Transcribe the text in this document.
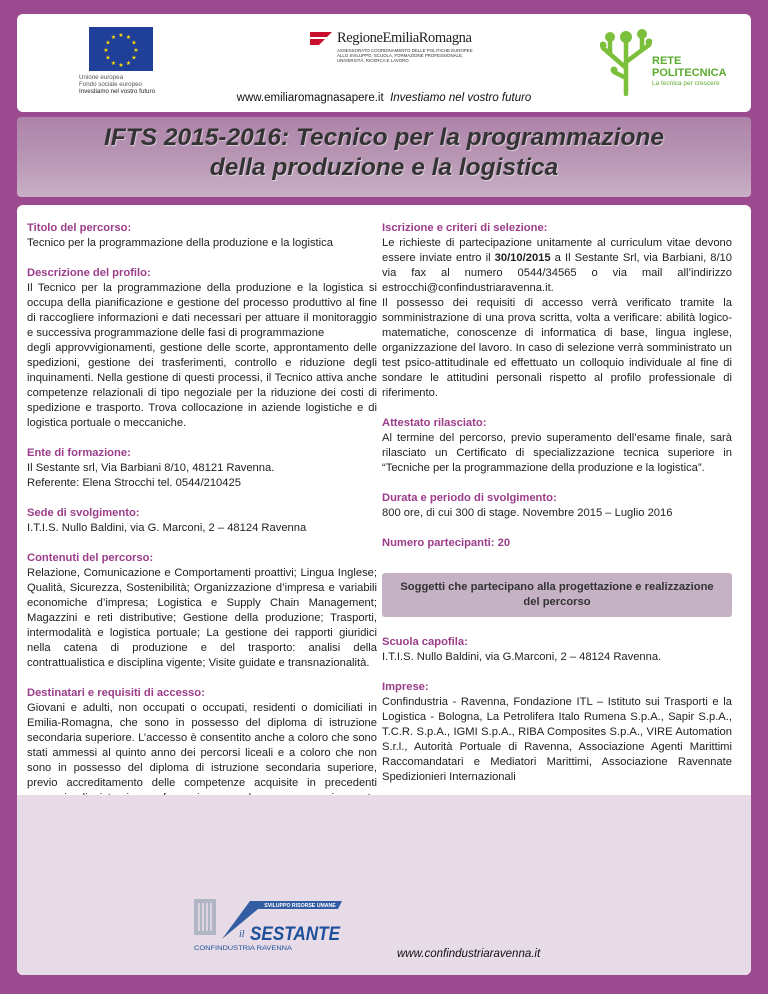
★ ★
★
★
★
★
★
★
★
★
★
★
Unione europea
Fondo sociale europeo
Investiamo nel vostro futuro
RegioneEmiliaRomagna
ASSESSORATO COORDINAMENTO DELLE POLITICHE EUROPEE
ALLO SVILUPPO, SCUOLA, FORMAZIONE PROFESSIONALE,
UNIVERSITÀ, RICERCA E LAVORO	RETE
POLITECNICA
La tecnica per crescere
www.emiliaromagnasapere.it Investiamo nel vostro futuro
IFTS 2015-2016: Tecnico per la programmazione
della produzione e la logistica
Titolo del percorso:
Tecnico per la programmazione della produzione e la logistica
Descrizione del profilo:
Il Tecnico per la programmazione della produzione e la logistica si occupa della pianificazione e gestione del processo produttivo al fine di raccogliere informazioni e dati necessari per attuare il monitoraggio e successiva programmazione delle fasi di programmazione
degli approvvigionamenti, gestione delle scorte, approntamento delle spedizioni, gestione dei trasferimenti, controllo e riduzione degli inquinamenti. Nella gestione di questi processi, il Tecnico attiva anche competenze relazionali di tipo negoziale per la riduzione dei costi di spedizione e trasporto. Trova collocazione in aziende logistiche e di logistica portuale o meccaniche.
Ente di formazione:
Il Sestante srl, Via Barbiani 8/10, 48121 Ravenna.
Referente: Elena Strocchi tel. 0544/210425
Sede di svolgimento:
I.T.I.S. Nullo Baldini, via G. Marconi, 2 – 48124 Ravenna
Contenuti del percorso:
Relazione, Comunicazione e Comportamenti proattivi; Lingua Inglese; Qualità, Sicurezza, Sostenibilità; Organizzazione d’impresa e variabili economiche d’impresa; Logistica e Supply Chain Management; Magazzini e reti distributive; Gestione della produzione; Trasporti, intermodalità e logistica portuale; La gestione dei rapporti giuridici nella catena di produzione e del trasporto: analisi della contrattualistica e disciplina vigente; Visite guidate e transnazionalità.
Destinatari e requisiti di accesso:
Giovani e adulti, non occupati o occupati, residenti o domiciliati in Emilia-Romagna, che sono in possesso del diploma di istruzione secondaria superiore. L’accesso è consentito anche a coloro che sono stati ammessi al quinto anno dei percorsi liceali e a coloro che non sono in possesso del diploma di istruzione secondaria superiore, previo accreditamento delle competenze acquisite in precedenti
Iscrizione e criteri di selezione:
Le richieste di partecipazione unitamente al curriculum vitae devono essere inviate entro il 30/10/2015 a Il Sestante Srl, via Barbiani, 8/10 via fax al numero 0544/34565 o via mail all’indirizzo estrocchi@confindustriaravenna.it.
Il possesso dei requisiti di accesso verrà verificato tramite la somministrazione di una prova scritta, volta a verificare: abilità logico-matematiche, conoscenze di informatica di base, lingua inglese, organizzazione del lavoro. In caso di selezione verrà somministrato un test psico-attitudinale ed effettuato un colloquio individuale al fine di sondare le attitudini personali rispetto al profilo professionale di riferimento.
Attestato rilasciato:
Al termine del percorso, previo superamento dell’esame finale, sarà rilasciato un Certificato di specializzazione tecnica superiore in “Tecniche per la programmazione della produzione e la logistica”.
Durata e periodo di svolgimento:
800 ore, di cui 300 di stage. Novembre 2015 – Luglio 2016
Numero partecipanti: 20
Soggetti che partecipano alla progettazione e realizzazione del percorso
Scuola capofila:
I.T.I.S. Nullo Baldini, via G.Marconi, 2 – 48124 Ravenna.
Imprese:
Confindustria - Ravenna, Fondazione ITL – Istituto sui Trasporti e la Logistica - Bologna, La Petrolifera Italo Rumena S.p.A., Sapir S.p.A., T.C.R. S.p.A., IGMI S.p.A., RIBA Composites S.p.A., VIRE Automation S.r.l., Autorità Portuale di Ravenna, Associazione Agenti Marittimi Raccomandatari e Mediatori Marittimi, Associazione Ravennate Spedizionieri Internazionali
SVILUPPO RISORSE UMANE
il SESTANTE
CONFINDUSTRIA RAVENNA	www.confindustriaravenna.it
